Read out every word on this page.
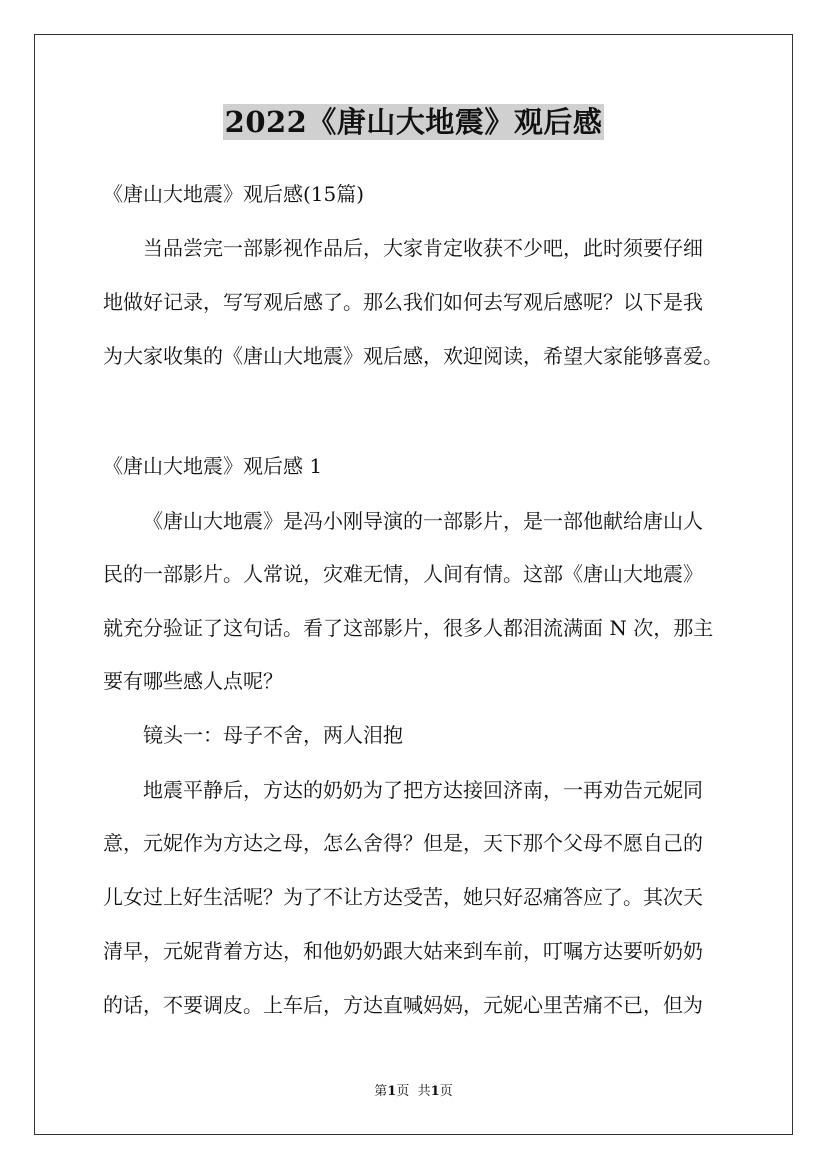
2022《唐山大地震》观后感
《唐山大地震》观后感(15篇)
当品尝完一部影视作品后，大家肯定收获不少吧，此时须要仔细
地做好记录，写写观后感了。那么我们如何去写观后感呢？以下是我
为大家收集的《唐山大地震》观后感，欢迎阅读，希望大家能够喜爱。
《唐山大地震》观后感 1
《唐山大地震》是冯小刚导演的一部影片，是一部他献给唐山人
民的一部影片。人常说，灾难无情，人间有情。这部《唐山大地震》
就充分验证了这句话。看了这部影片，很多人都泪流满面 N 次，那主
要有哪些感人点呢？
镜头一：母子不舍，两人泪抱
地震平静后，方达的奶奶为了把方达接回济南，一再劝告元妮同
意，元妮作为方达之母，怎么舍得？但是，天下那个父母不愿自己的
儿女过上好生活呢？为了不让方达受苦，她只好忍痛答应了。其次天
清早，元妮背着方达，和他奶奶跟大姑来到车前，叮嘱方达要听奶奶
的话，不要调皮。上车后，方达直喊妈妈，元妮心里苦痛不已，但为
第1页 共1页
